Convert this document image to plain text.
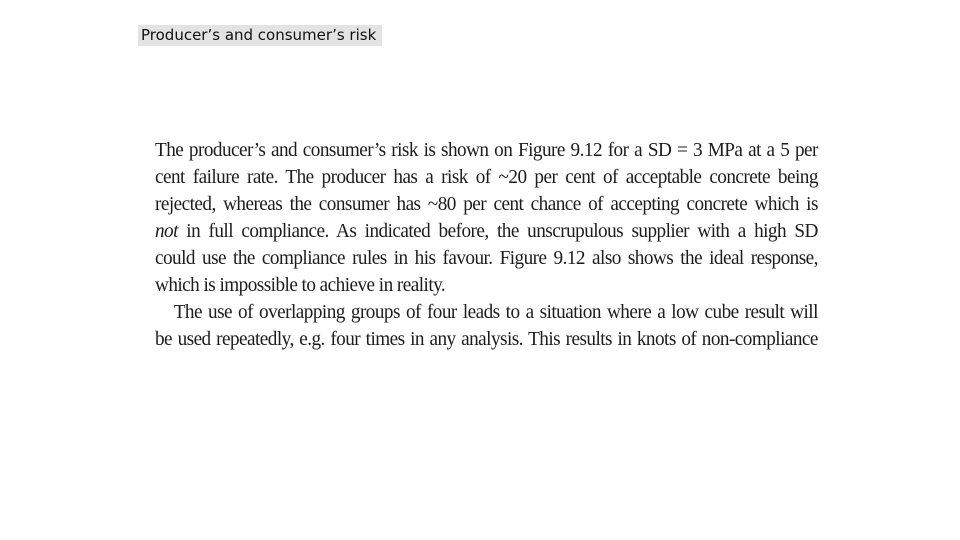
Producer’s and consumer’s risk
The producer’s and consumer’s risk is shown on Figure 9.12 for a SD = 3 MPa at a 5 per
cent failure rate. The producer has a risk of ~20 per cent of acceptable concrete being
rejected, whereas the consumer has ~80 per cent chance of accepting concrete which is
not in full compliance. As indicated before, the unscrupulous supplier with a high SD
could use the compliance rules in his favour. Figure 9.12 also shows the ideal response,
which is impossible to achieve in reality.
The use of overlapping groups of four leads to a situation where a low cube result will
be used repeatedly, e.g. four times in any analysis. This results in knots of non-compliance
